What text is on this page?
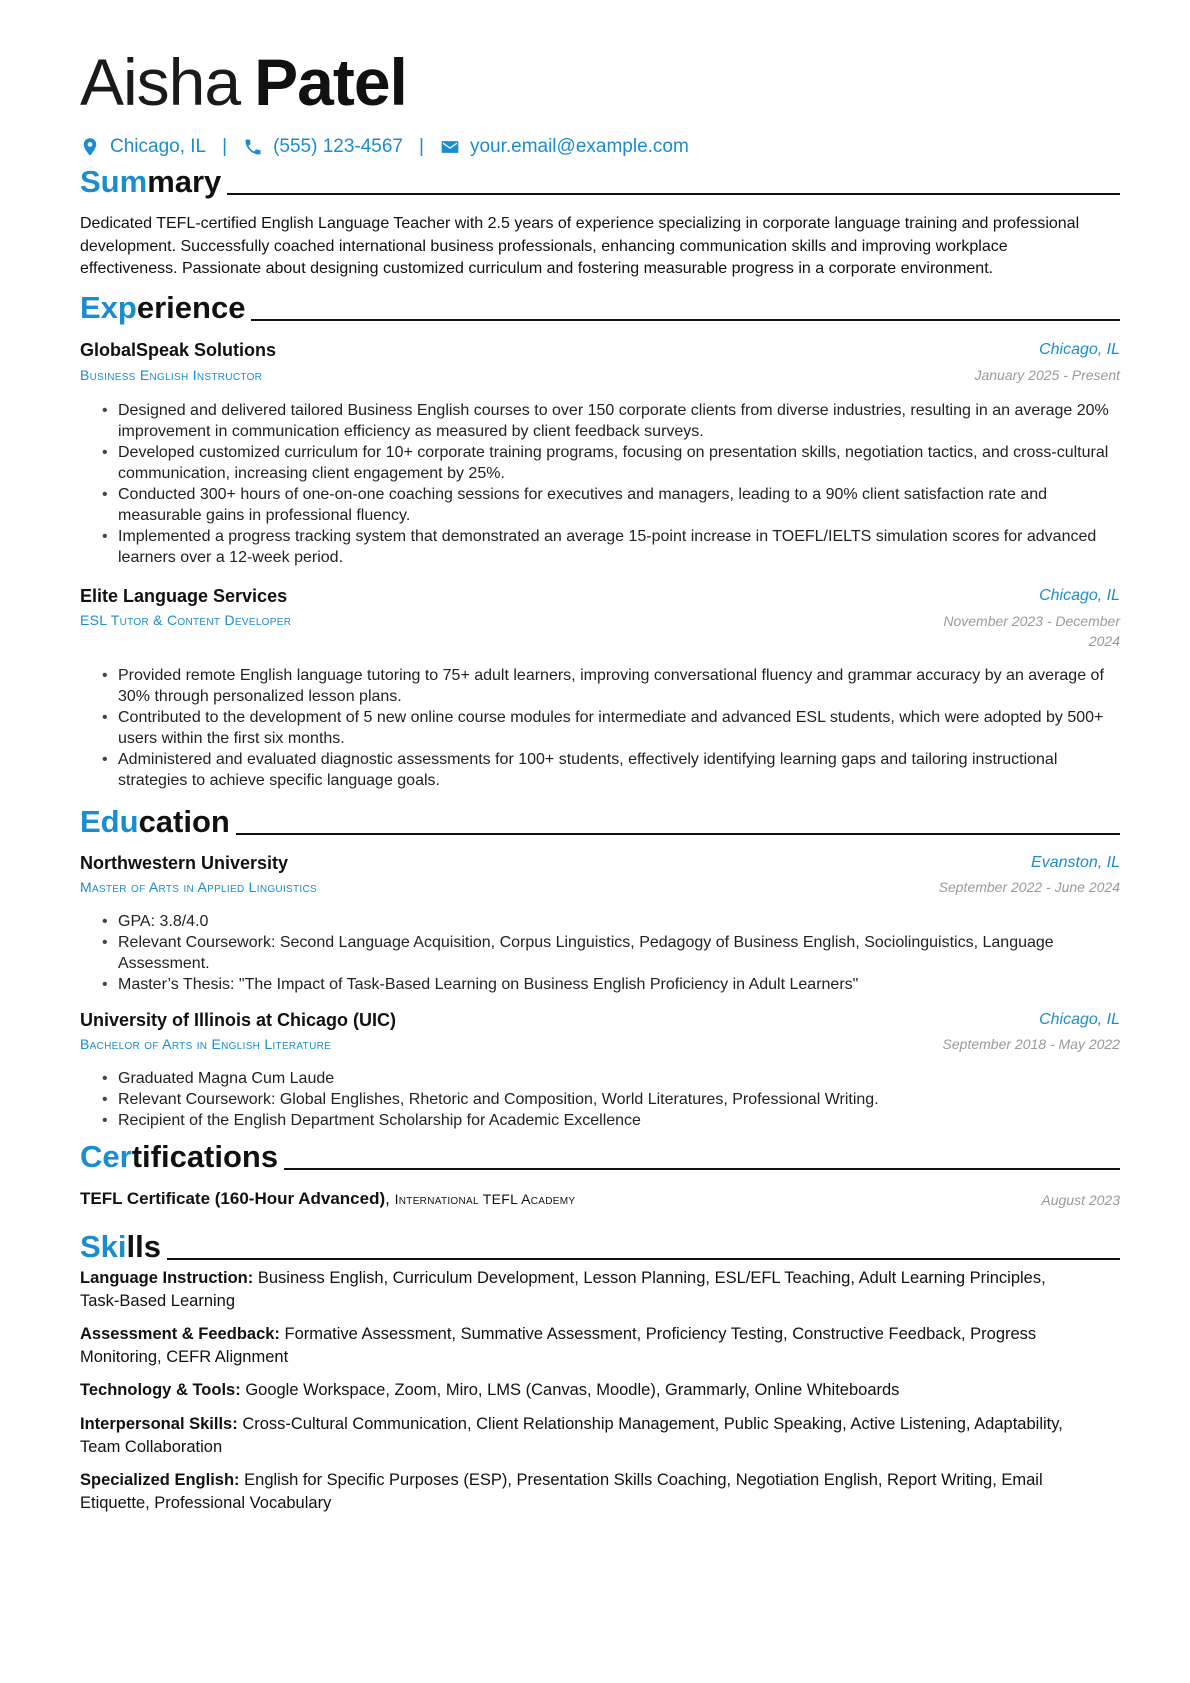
Aisha Patel
Chicago, IL | (555) 123-4567 | your.email@example.com
Summary
Dedicated TEFL-certified English Language Teacher with 2.5 years of experience specializing in corporate language training and professional development. Successfully coached international business professionals, enhancing communication skills and improving workplace effectiveness. Passionate about designing customized curriculum and fostering measurable progress in a corporate environment.
Experience
GlobalSpeak Solutions	Chicago, IL
Business English Instructor	January 2025 - Present
• Designed and delivered tailored Business English courses to over 150 corporate clients from diverse industries, resulting in an average 20% improvement in communication efficiency as measured by client feedback surveys.
• Developed customized curriculum for 10+ corporate training programs, focusing on presentation skills, negotiation tactics, and cross-cultural communication, increasing client engagement by 25%.
• Conducted 300+ hours of one-on-one coaching sessions for executives and managers, leading to a 90% client satisfaction rate and measurable gains in professional fluency.
• Implemented a progress tracking system that demonstrated an average 15-point increase in TOEFL/IELTS simulation scores for advanced learners over a 12-week period.
Elite Language Services	Chicago, IL
ESL Tutor & Content Developer	November 2023 - December 2024
• Provided remote English language tutoring to 75+ adult learners, improving conversational fluency and grammar accuracy by an average of 30% through personalized lesson plans.
• Contributed to the development of 5 new online course modules for intermediate and advanced ESL students, which were adopted by 500+ users within the first six months.
• Administered and evaluated diagnostic assessments for 100+ students, effectively identifying learning gaps and tailoring instructional strategies to achieve specific language goals.
Education
Northwestern University	Evanston, IL
Master of Arts in Applied Linguistics	September 2022 - June 2024
• GPA: 3.8/4.0
• Relevant Coursework: Second Language Acquisition, Corpus Linguistics, Pedagogy of Business English, Sociolinguistics, Language Assessment.
• Master’s Thesis: "The Impact of Task-Based Learning on Business English Proficiency in Adult Learners"
University of Illinois at Chicago (UIC)	Chicago, IL
Bachelor of Arts in English Literature	September 2018 - May 2022
• Graduated Magna Cum Laude
• Relevant Coursework: Global Englishes, Rhetoric and Composition, World Literatures, Professional Writing.
• Recipient of the English Department Scholarship for Academic Excellence
Certifications
TEFL Certificate (160-Hour Advanced), International TEFL Academy	August 2023
Skills
Language Instruction: Business English, Curriculum Development, Lesson Planning, ESL/EFL Teaching, Adult Learning Principles, Task-Based Learning
Assessment & Feedback: Formative Assessment, Summative Assessment, Proficiency Testing, Constructive Feedback, Progress Monitoring, CEFR Alignment
Technology & Tools: Google Workspace, Zoom, Miro, LMS (Canvas, Moodle), Grammarly, Online Whiteboards
Interpersonal Skills: Cross-Cultural Communication, Client Relationship Management, Public Speaking, Active Listening, Adaptability, Team Collaboration
Specialized English: English for Specific Purposes (ESP), Presentation Skills Coaching, Negotiation English, Report Writing, Email Etiquette, Professional Vocabulary
